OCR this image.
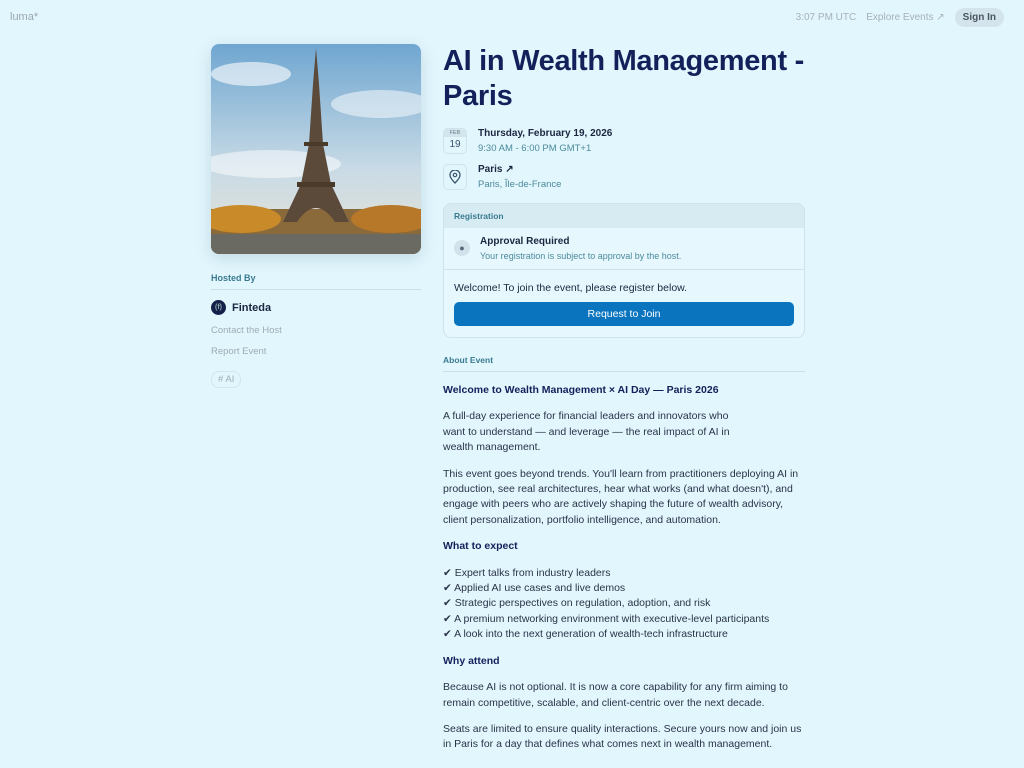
luma*	3:07 PM UTC Explore Events ↗	Sign In
Hosted By
(f) Finteda
Contact the Host
Report Event
# AI
AI in Wealth Management - Paris
FEB
19
Thursday, February 19, 2026
9:30 AM - 6:00 PM GMT+1
Paris ↗
Paris, Île-de-France
Registration
●
Approval Required
Your registration is subject to approval by the host.
Welcome! To join the event, please register below.
Request to Join
About Event
Welcome to Wealth Management × AI Day — Paris 2026

A full-day experience for financial leaders and innovators who want to understand — and leverage — the real impact of AI in wealth management.

This event goes beyond trends. You'll learn from practitioners deploying AI in production, see real architectures, hear what works (and what doesn't), and engage with peers who are actively shaping the future of wealth advisory, client personalization, portfolio intelligence, and automation.

What to expect
✔ Expert talks from industry leaders
✔ Applied AI use cases and live demos
✔ Strategic perspectives on regulation, adoption, and risk
✔ A premium networking environment with executive-level participants
✔ A look into the next generation of wealth-tech infrastructure
Why attend

Because AI is not optional. It is now a core capability for any firm aiming to remain competitive, scalable, and client-centric over the next decade.

Seats are limited to ensure quality interactions. Secure yours now and join us in Paris for a day that defines what comes next in wealth management.
